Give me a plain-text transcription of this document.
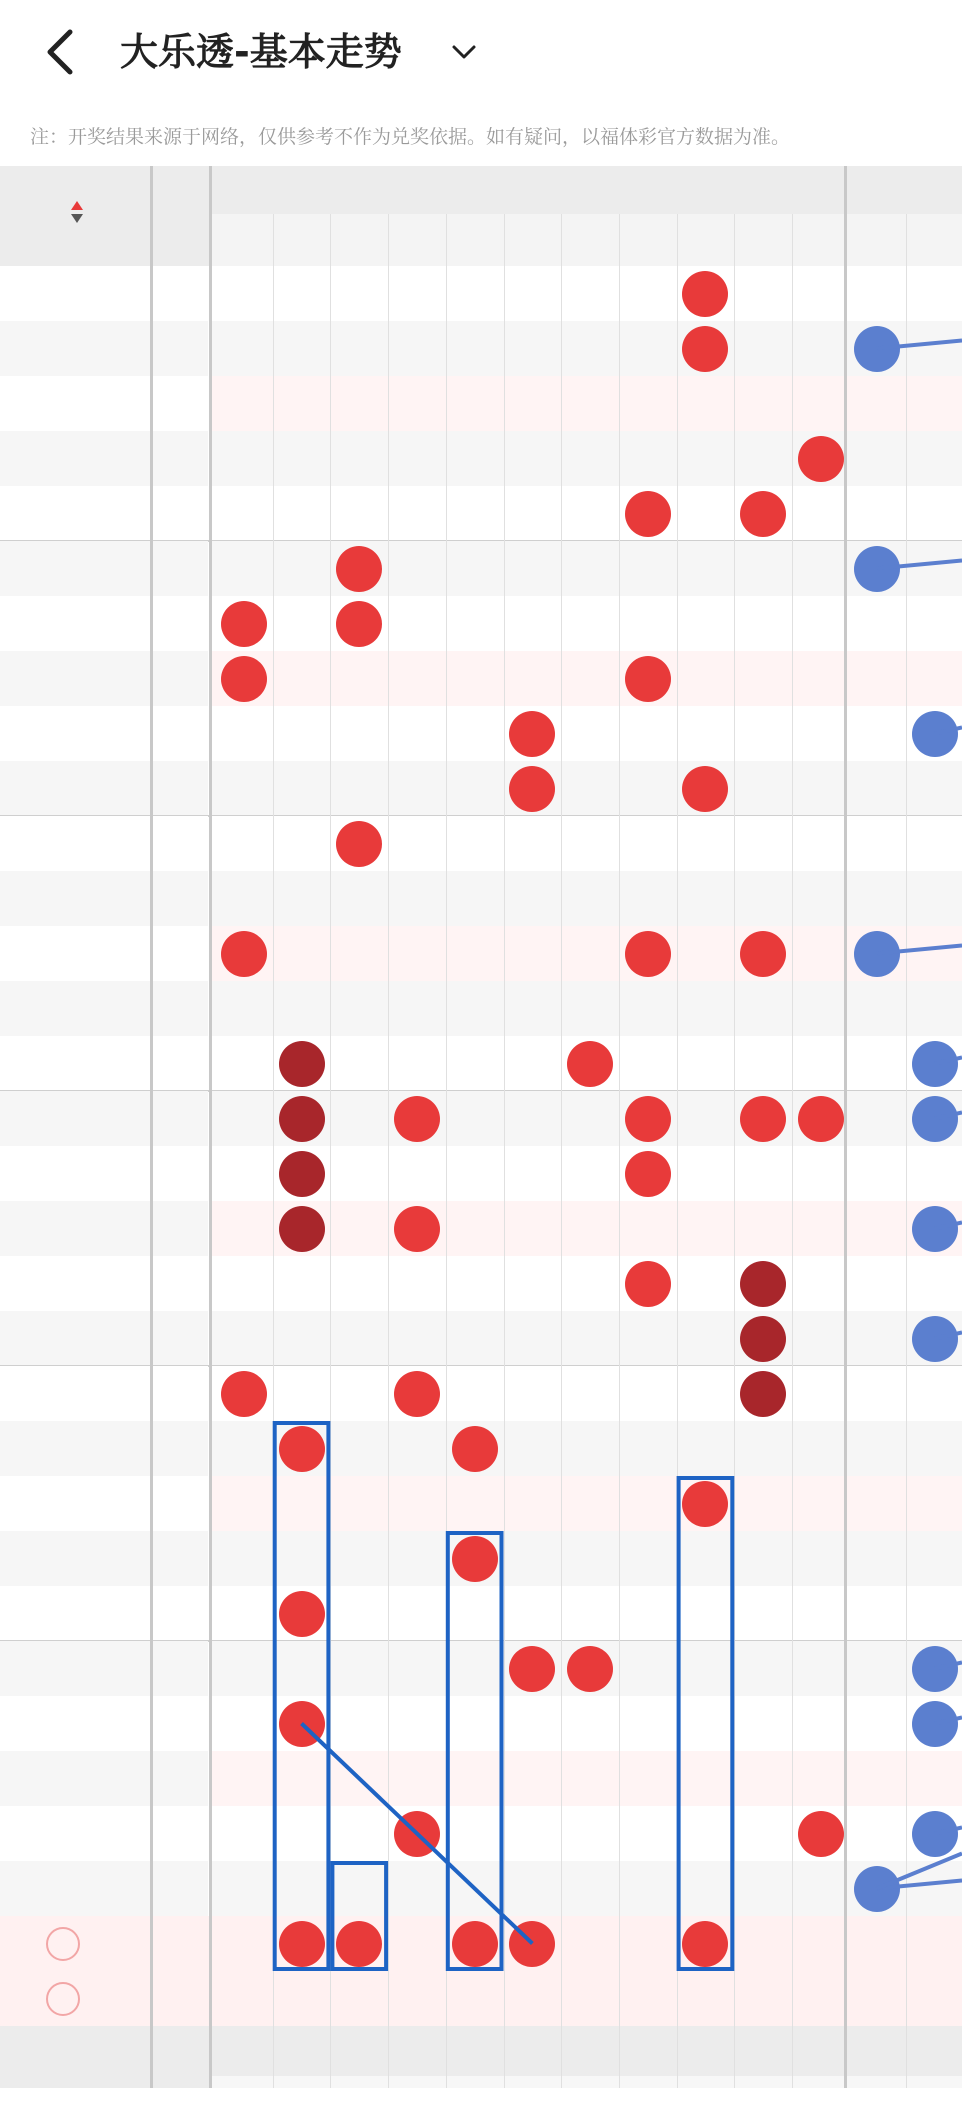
大乐透-基本走势
注：开奖结果来源于网络，仅供参考不作为兑奖依据。如有疑问，以福体彩官方数据为准。
